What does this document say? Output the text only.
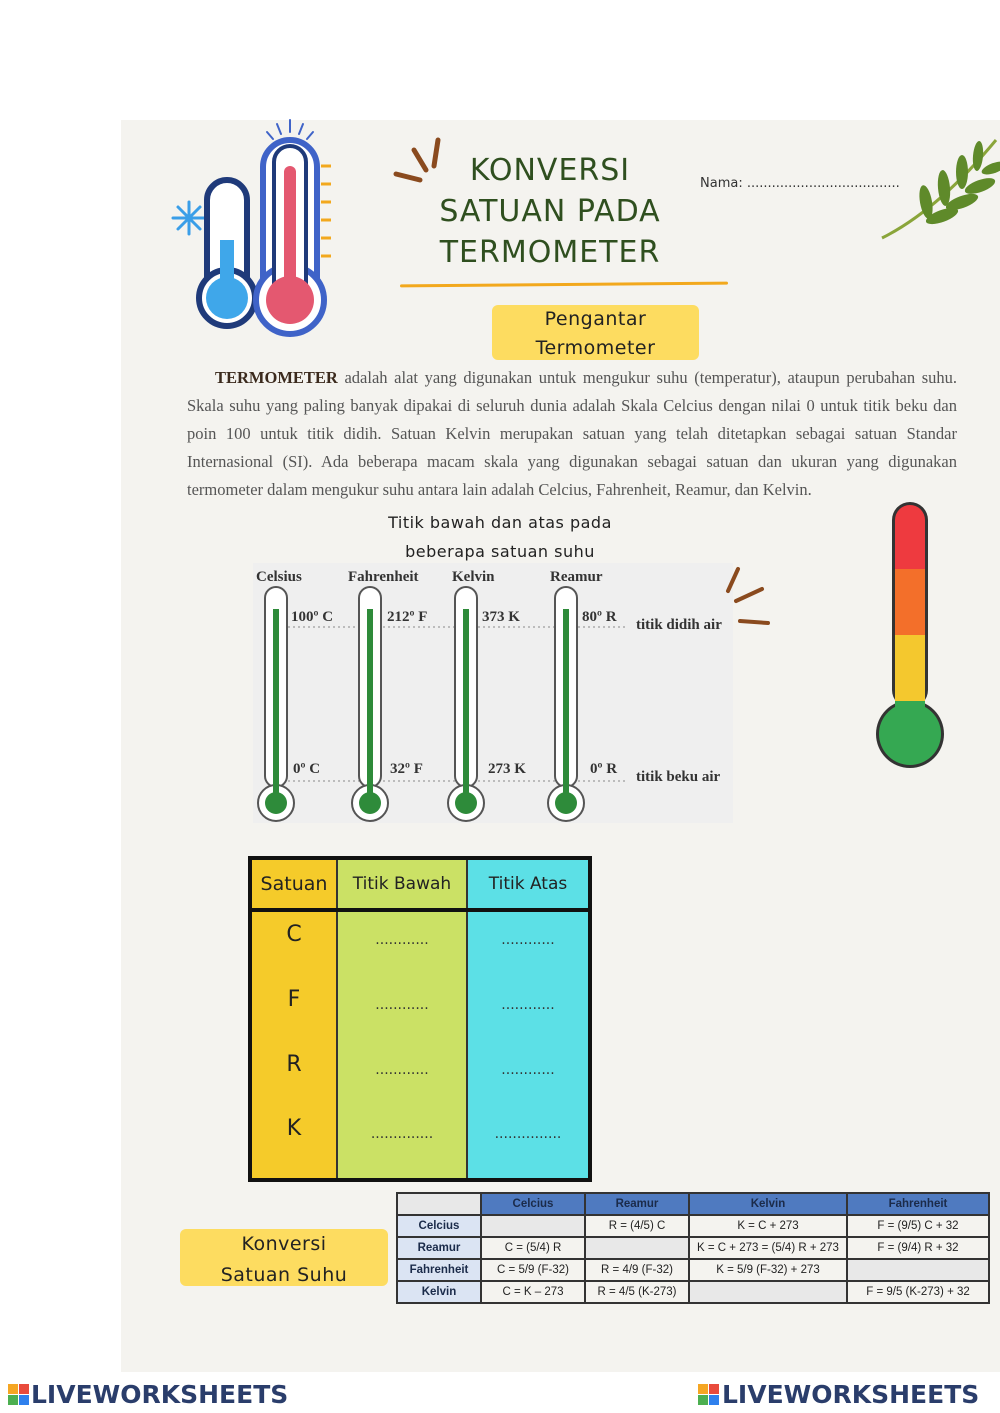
KONVERSI
SATUAN PADA
TERMOMETER
Nama: .....................................
Pengantar
Termometer
TERMOMETER adalah alat yang digunakan untuk mengukur suhu (temperatur), ataupun perubahan suhu. Skala suhu yang paling banyak dipakai di seluruh dunia adalah Skala Celcius dengan nilai 0 untuk titik beku dan poin 100 untuk titik didih. Satuan Kelvin merupakan satuan yang telah ditetapkan sebagai satuan Standar Internasional (SI). Ada beberapa macam skala yang digunakan sebagai satuan dan ukuran yang digunakan termometer dalam mengukur suhu antara lain adalah Celcius, Fahrenheit, Reamur, dan Kelvin.
Titik bawah dan atas pada
beberapa satuan suhu
Celsius	Fahrenheit Kelvin	Reamur
100º C	212º F	373 K	80º R
0º C	32º F	273 K	0º R
titik didih air
titik beku air
Satuan	Titik Bawah	Titik Atas
C	............	............
F	............	............
R	............	............
K	..............	...............
Konversi
Satuan Suhu
	Celcius	Reamur	Kelvin	Fahrenheit
Celcius		R = (4/5) C	K = C + 273	F = (9/5) C + 32
Reamur	C = (5/4) R		K = C + 273 = (5/4) R + 273	F = (9/4) R + 32
Fahrenheit	C = 5/9 (F-32)	R = 4/9 (F-32)	K = 5/9 (F-32) + 273	
Kelvin	C = K – 273	R = 4/5 (K-273)		F = 9/5 (K-273) + 32
LIVEWORKSHEETS	LIVEWORKSHEETS
